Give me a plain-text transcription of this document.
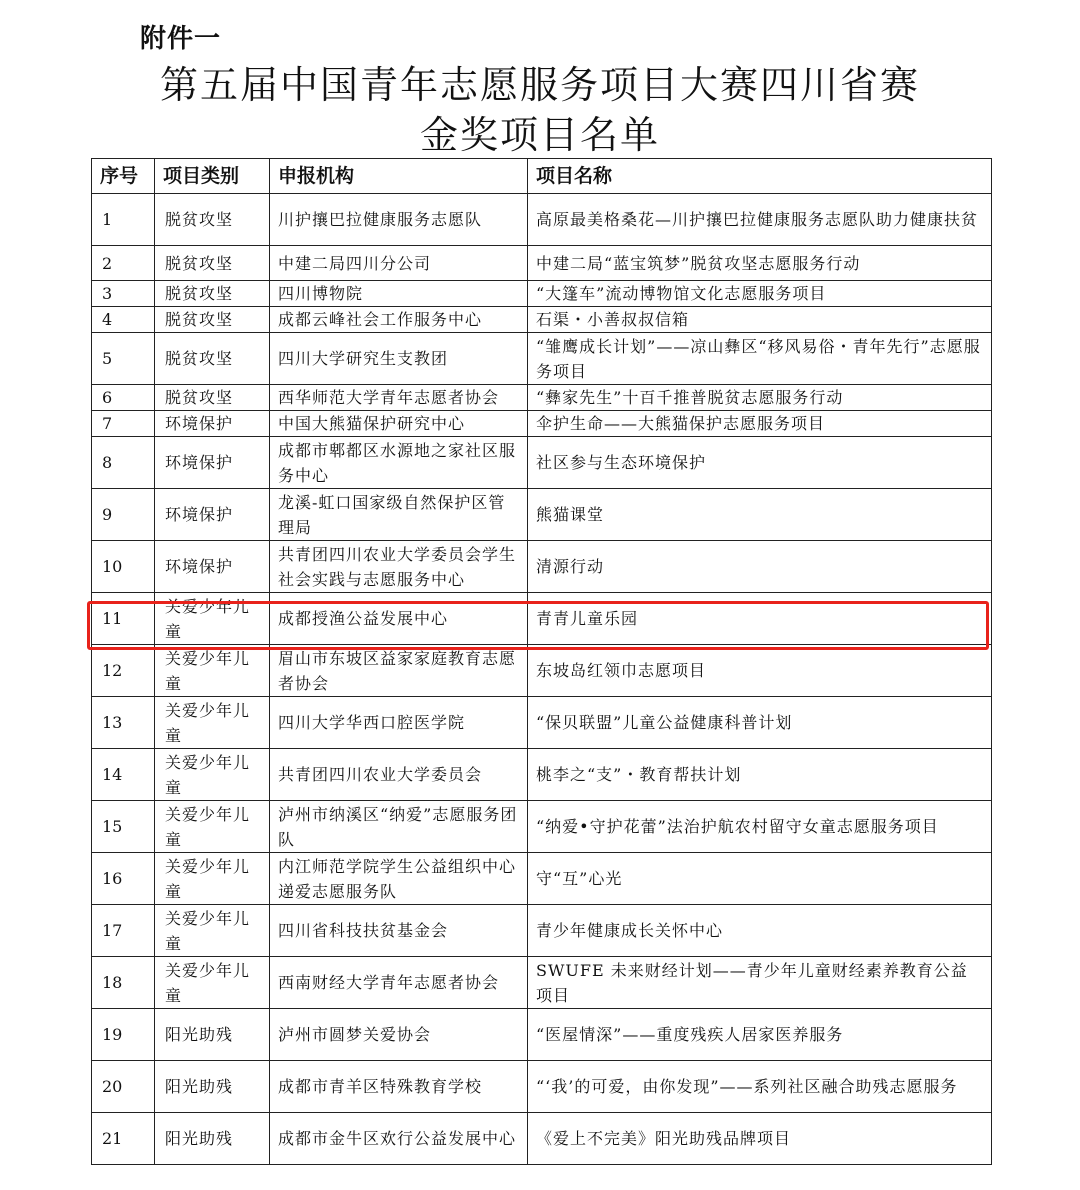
附件一
第五届中国青年志愿服务项目大赛四川省赛
金奖项目名单
序号	项目类别	申报机构	项目名称
1	脱贫攻坚	川护攘巴拉健康服务志愿队	高原最美格桑花—川护攘巴拉健康服务志愿队助力健康扶贫
2	脱贫攻坚	中建二局四川分公司	中建二局“蓝宝筑梦”脱贫攻坚志愿服务行动
3	脱贫攻坚	四川博物院	“大篷车”流动博物馆文化志愿服务项目
4	脱贫攻坚	成都云峰社会工作服务中心	石渠・小善叔叔信箱
5	脱贫攻坚	四川大学研究生支教团	“雏鹰成长计划”——凉山彝区“移风易俗・青年先行”志愿服务项目
6	脱贫攻坚	西华师范大学青年志愿者协会	“彝家先生”十百千推普脱贫志愿服务行动
7	环境保护	中国大熊猫保护研究中心	伞护生命——大熊猫保护志愿服务项目
8	环境保护	成都市郫都区水源地之家社区服务中心	社区参与生态环境保护
9	环境保护	龙溪-虹口国家级自然保护区管理局	熊猫课堂
10	环境保护	共青团四川农业大学委员会学生社会实践与志愿服务中心	清源行动
11	关爱少年儿童	成都授渔公益发展中心	青青儿童乐园
12	关爱少年儿童	眉山市东坡区益家家庭教育志愿者协会	东坡岛红领巾志愿项目
13	关爱少年儿童	四川大学华西口腔医学院	“保贝联盟”儿童公益健康科普计划
14	关爱少年儿童	共青团四川农业大学委员会	桃李之“支”・教育帮扶计划
15	关爱少年儿童	泸州市纳溪区“纳爱”志愿服务团队	“纳爱•守护花蕾”法治护航农村留守女童志愿服务项目
16	关爱少年儿童	内江师范学院学生公益组织中心递爱志愿服务队	守“互”心光
17	关爱少年儿童	四川省科技扶贫基金会	青少年健康成长关怀中心
18	关爱少年儿童	西南财经大学青年志愿者协会	SWUFE 未来财经计划——青少年儿童财经素养教育公益项目
19	阳光助残	泸州市圆梦关爱协会	“医屋情深”——重度残疾人居家医养服务
20	阳光助残	成都市青羊区特殊教育学校	“‘我’的可爱，由你发现”——系列社区融合助残志愿服务
21	阳光助残	成都市金牛区欢行公益发展中心	《爱上不完美》阳光助残品牌项目
